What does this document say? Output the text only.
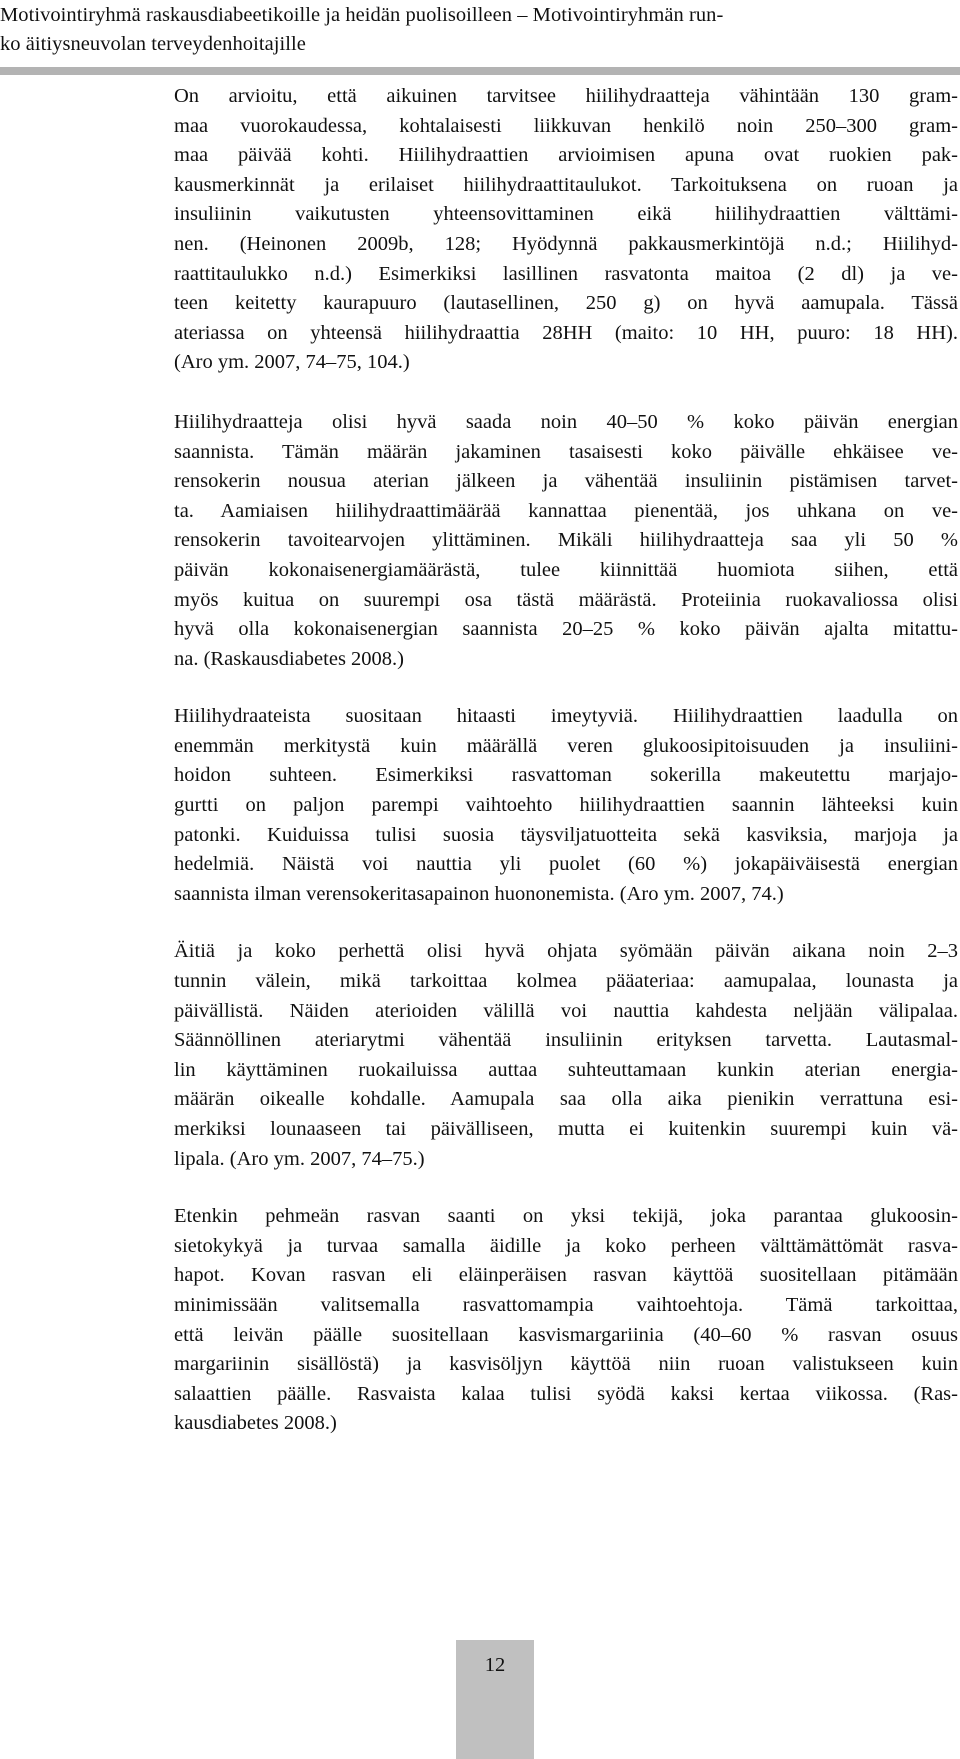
Motivointiryhmä raskausdiabeetikoille ja heidän puolisoilleen – Motivointiryhmän run-
ko äitiysneuvolan terveydenhoitajille
On arvioitu, että aikuinen tarvitsee hiilihydraatteja vähintään 130 gram-
maa vuorokaudessa, kohtalaisesti liikkuvan henkilö noin 250–300 gram-
maa päivää kohti. Hiilihydraattien arvioimisen apuna ovat ruokien pak-
kausmerkinnät ja erilaiset hiilihydraattitaulukot. Tarkoituksena on ruoan ja
insuliinin vaikutusten yhteensovittaminen eikä hiilihydraattien välttämi-
nen. (Heinonen 2009b, 128; Hyödynnä pakkausmerkintöjä n.d.; Hiilihyd-
raattitaulukko n.d.) Esimerkiksi lasillinen rasvatonta maitoa (2 dl) ja ve-
teen keitetty kaurapuuro (lautasellinen, 250 g) on hyvä aamupala. Tässä
ateriassa on yhteensä hiilihydraattia 28HH (maito: 10 HH, puuro: 18 HH).
(Aro ym. 2007, 74–75, 104.)
Hiilihydraatteja olisi hyvä saada noin 40–50 % koko päivän energian
saannista. Tämän määrän jakaminen tasaisesti koko päivälle ehkäisee ve-
rensokerin nousua aterian jälkeen ja vähentää insuliinin pistämisen tarvet-
ta. Aamiaisen hiilihydraattimäärää kannattaa pienentää, jos uhkana on ve-
rensokerin tavoitearvojen ylittäminen. Mikäli hiilihydraatteja saa yli 50 %
päivän kokonaisenergiamäärästä, tulee kiinnittää huomiota siihen, että
myös kuitua on suurempi osa tästä määrästä. Proteiinia ruokavaliossa olisi
hyvä olla kokonaisenergian saannista 20–25 % koko päivän ajalta mitattu-
na. (Raskausdiabetes 2008.)
Hiilihydraateista suositaan hitaasti imeytyviä. Hiilihydraattien laadulla on
enemmän merkitystä kuin määrällä veren glukoosipitoisuuden ja insuliini-
hoidon suhteen. Esimerkiksi rasvattoman sokerilla makeutettu marjajo-
gurtti on paljon parempi vaihtoehto hiilihydraattien saannin lähteeksi kuin
patonki. Kuiduissa tulisi suosia täysviljatuotteita sekä kasviksia, marjoja ja
hedelmiä. Näistä voi nauttia yli puolet (60 %) jokapäiväisestä energian
saannista ilman verensokeritasapainon huononemista. (Aro ym. 2007, 74.)
Äitiä ja koko perhettä olisi hyvä ohjata syömään päivän aikana noin 2–3
tunnin välein, mikä tarkoittaa kolmea pääateriaa: aamupalaa, lounasta ja
päivällistä. Näiden aterioiden välillä voi nauttia kahdesta neljään välipalaa.
Säännöllinen ateriarytmi vähentää insuliinin erityksen tarvetta. Lautasmal-
lin käyttäminen ruokailuissa auttaa suhteuttamaan kunkin aterian energia-
määrän oikealle kohdalle. Aamupala saa olla aika pienikin verrattuna esi-
merkiksi lounaaseen tai päivälliseen, mutta ei kuitenkin suurempi kuin vä-
lipala. (Aro ym. 2007, 74–75.)
Etenkin pehmeän rasvan saanti on yksi tekijä, joka parantaa glukoosin-
sietokykyä ja turvaa samalla äidille ja koko perheen välttämättömät rasva-
hapot. Kovan rasvan eli eläinperäisen rasvan käyttöä suositellaan pitämään
minimissään valitsemalla rasvattomampia vaihtoehtoja. Tämä tarkoittaa,
että leivän päälle suositellaan kasvismargariinia (40–60 % rasvan osuus
margariinin sisällöstä) ja kasvisöljyn käyttöä niin ruoan valistukseen kuin
salaattien päälle. Rasvaista kalaa tulisi syödä kaksi kertaa viikossa. (Ras-
kausdiabetes 2008.)
12
